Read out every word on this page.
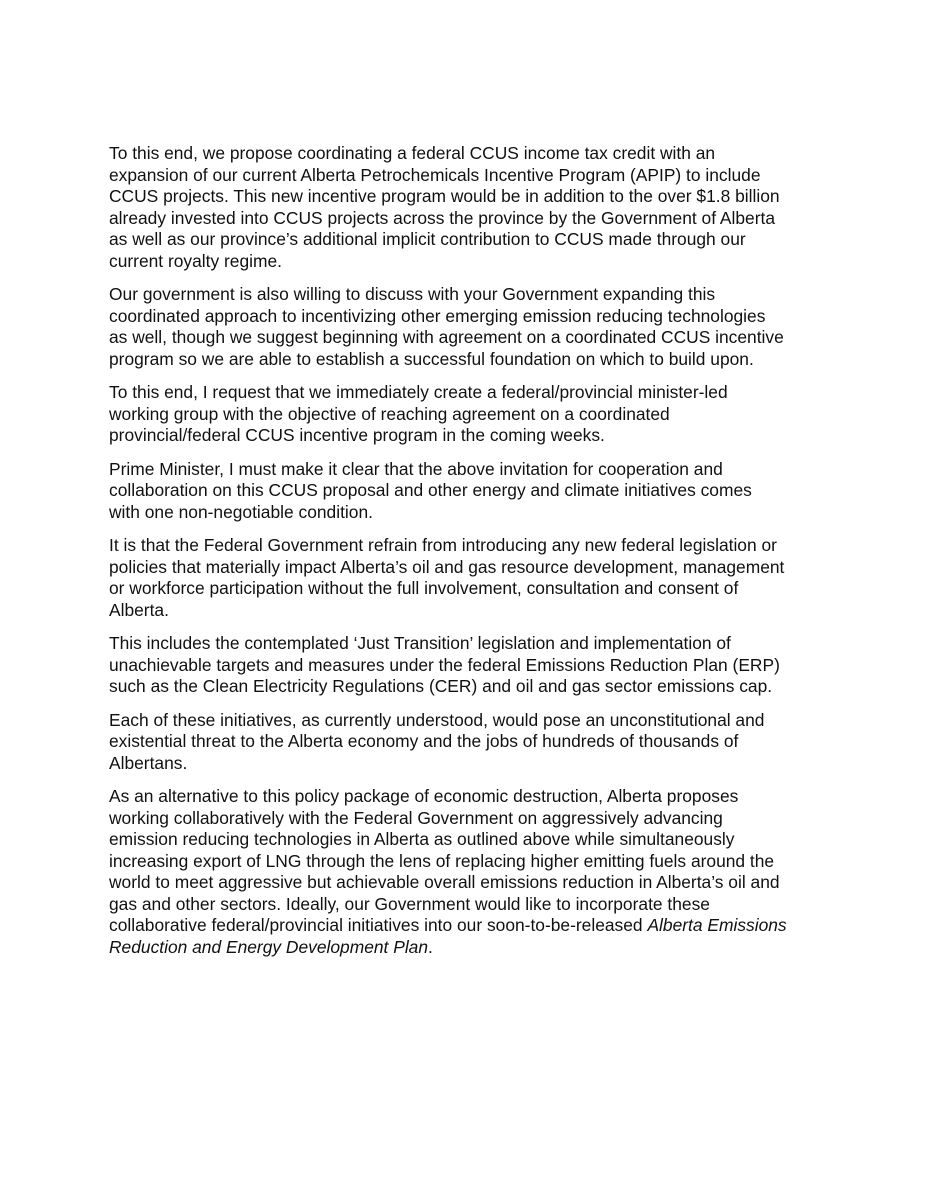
To this end, we propose coordinating a federal CCUS income tax credit with an
expansion of our current Alberta Petrochemicals Incentive Program (APIP) to include
CCUS projects. This new incentive program would be in addition to the over $1.8 billion
already invested into CCUS projects across the province by the Government of Alberta
as well as our province’s additional implicit contribution to CCUS made through our
current royalty regime.

Our government is also willing to discuss with your Government expanding this
coordinated approach to incentivizing other emerging emission reducing technologies
as well, though we suggest beginning with agreement on a coordinated CCUS incentive
program so we are able to establish a successful foundation on which to build upon.

To this end, I request that we immediately create a federal/provincial minister-led
working group with the objective of reaching agreement on a coordinated
provincial/federal CCUS incentive program in the coming weeks.

Prime Minister, I must make it clear that the above invitation for cooperation and
collaboration on this CCUS proposal and other energy and climate initiatives comes
with one non-negotiable condition.

It is that the Federal Government refrain from introducing any new federal legislation or
policies that materially impact Alberta’s oil and gas resource development, management
or workforce participation without the full involvement, consultation and consent of
Alberta.

This includes the contemplated ‘Just Transition’ legislation and implementation of
unachievable targets and measures under the federal Emissions Reduction Plan (ERP)
such as the Clean Electricity Regulations (CER) and oil and gas sector emissions cap.

Each of these initiatives, as currently understood, would pose an unconstitutional and
existential threat to the Alberta economy and the jobs of hundreds of thousands of
Albertans.

As an alternative to this policy package of economic destruction, Alberta proposes
working collaboratively with the Federal Government on aggressively advancing
emission reducing technologies in Alberta as outlined above while simultaneously
increasing export of LNG through the lens of replacing higher emitting fuels around the
world to meet aggressive but achievable overall emissions reduction in Alberta’s oil and
gas and other sectors. Ideally, our Government would like to incorporate these
collaborative federal/provincial initiatives into our soon-to-be-released Alberta Emissions
Reduction and Energy Development Plan.
